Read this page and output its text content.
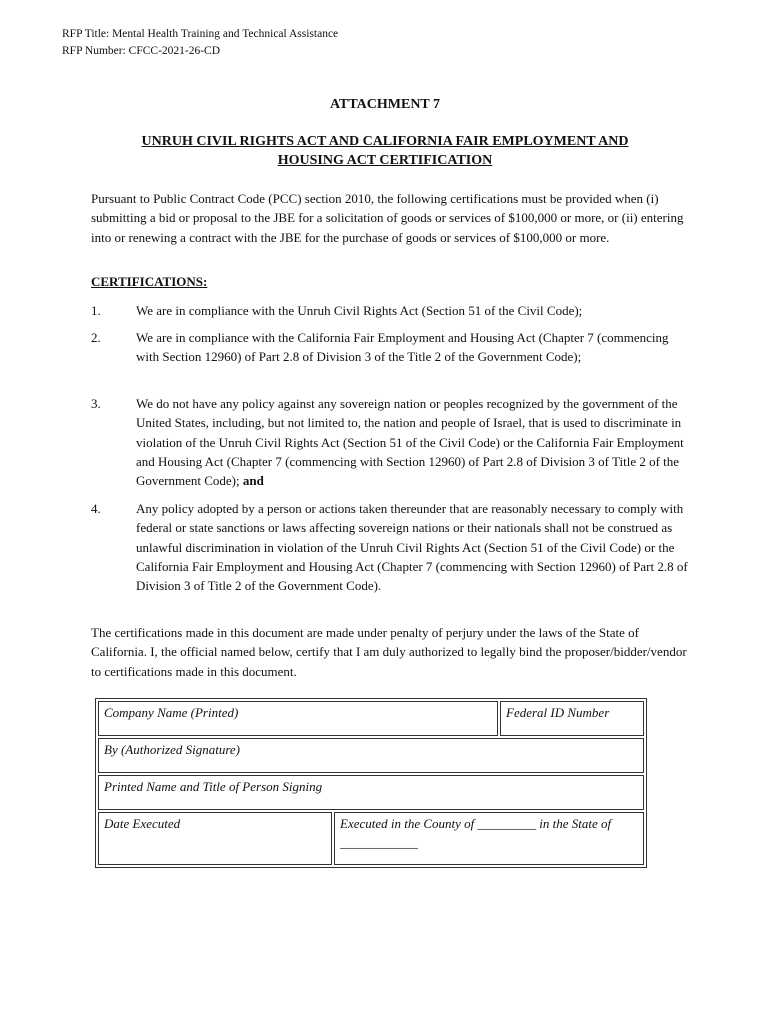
RFP Title: Mental Health Training and Technical Assistance
RFP Number: CFCC-2021-26-CD
ATTACHMENT 7
UNRUH CIVIL RIGHTS ACT AND CALIFORNIA FAIR EMPLOYMENT AND
HOUSING ACT CERTIFICATION
Pursuant to Public Contract Code (PCC) section 2010, the following certifications must be provided when (i) submitting a bid or proposal to the JBE for a solicitation of goods or services of $100,000 or more, or (ii) entering into or renewing a contract with the JBE for the purchase of goods or services of $100,000 or more.
CERTIFICATIONS:
1.	We are in compliance with the Unruh Civil Rights Act (Section 51 of the Civil Code);
2.	We are in compliance with the California Fair Employment and Housing Act (Chapter 7 (commencing with Section 12960) of Part 2.8 of Division 3 of the Title 2 of the Government Code);
3.	We do not have any policy against any sovereign nation or peoples recognized by the government of the United States, including, but not limited to, the nation and people of Israel, that is used to discriminate in violation of the Unruh Civil Rights Act (Section 51 of the Civil Code) or the California Fair Employment and Housing Act (Chapter 7 (commencing with Section 12960) of Part 2.8 of Division 3 of Title 2 of the Government Code); and
4.	Any policy adopted by a person or actions taken thereunder that are reasonably necessary to comply with federal or state sanctions or laws affecting sovereign nations or their nationals shall not be construed as unlawful discrimination in violation of the Unruh Civil Rights Act (Section 51 of the Civil Code) or the California Fair Employment and Housing Act (Chapter 7 (commencing with Section 12960) of Part 2.8 of Division 3 of Title 2 of the Government Code).
The certifications made in this document are made under penalty of perjury under the laws of the State of California. I, the official named below, certify that I am duly authorized to legally bind the proposer/bidder/vendor to certifications made in this document.
Company Name (Printed)	Federal ID Number
By (Authorized Signature)
Printed Name and Title of Person Signing
Date Executed	Executed in the County of _________ in the State of ____________
